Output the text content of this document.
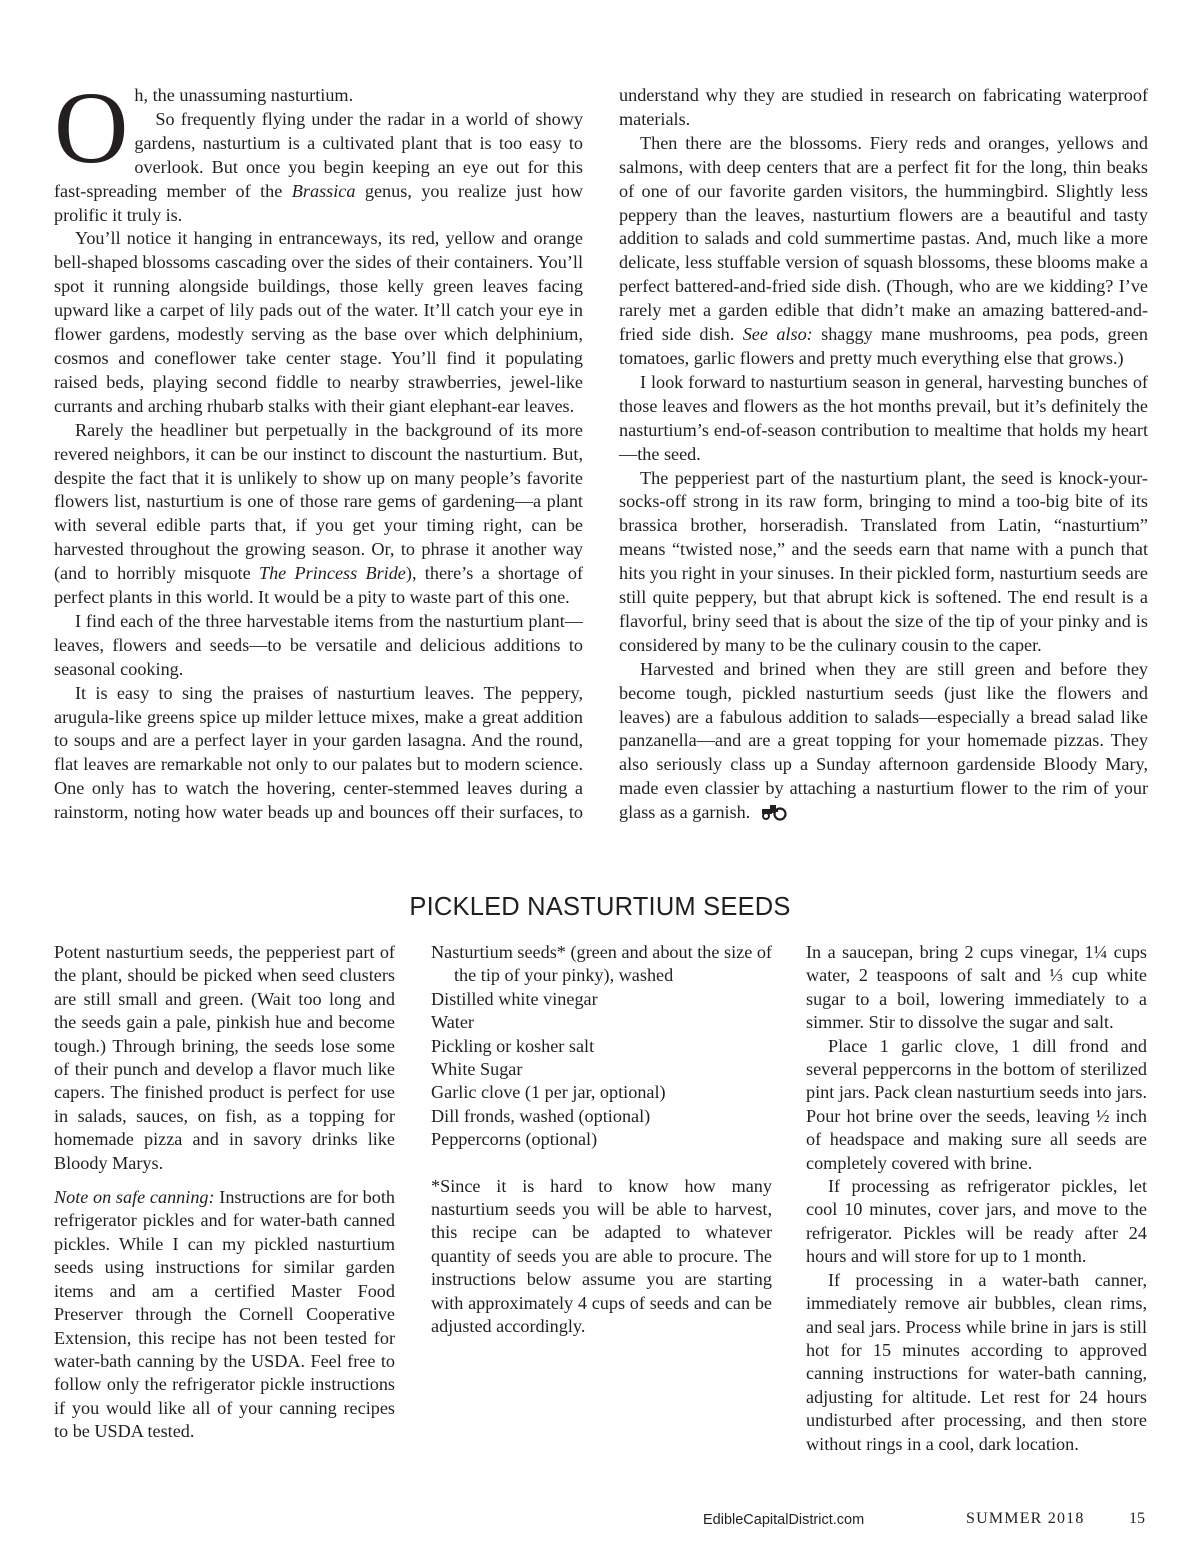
Oh, the unassuming nasturtium.

So frequently flying under the radar in a world of showy gardens, nasturtium is a cultivated plant that is too easy to overlook. But once you begin keeping an eye out for this fast-spreading member of the Brassica genus, you realize just how prolific it truly is.

You’ll notice it hanging in entranceways, its red, yellow and orange bell-shaped blossoms cascading over the sides of their containers. You’ll spot it running alongside buildings, those kelly green leaves facing upward like a carpet of lily pads out of the water. It’ll catch your eye in flower gardens, modestly serving as the base over which delphinium, cosmos and coneflower take center stage. You’ll find it populating raised beds, playing second fiddle to nearby strawberries, jewel-like currants and arching rhubarb stalks with their giant elephant-ear leaves.

Rarely the headliner but perpetually in the background of its more revered neighbors, it can be our instinct to discount the nasturtium. But, despite the fact that it is unlikely to show up on many people’s favorite flowers list, nasturtium is one of those rare gems of gardening—a plant with several edible parts that, if you get your timing right, can be harvested throughout the growing season. Or, to phrase it another way (and to horribly misquote The Princess Bride), there’s a shortage of perfect plants in this world. It would be a pity to waste part of this one.

I find each of the three harvestable items from the nasturtium plant—leaves, flowers and seeds—to be versatile and delicious additions to seasonal cooking.

It is easy to sing the praises of nasturtium leaves. The peppery, arugula-like greens spice up milder lettuce mixes, make a great addition to soups and are a perfect layer in your garden lasagna. And the round, flat leaves are remarkable not only to our palates but to modern science. One only has to watch the hovering, center-stemmed leaves during a rainstorm, noting how water beads up and bounces off their surfaces, to understand why they are studied in research on fabricating waterproof materials.

Then there are the blossoms. Fiery reds and oranges, yellows and salmons, with deep centers that are a perfect fit for the long, thin beaks of one of our favorite garden visitors, the hummingbird. Slightly less peppery than the leaves, nasturtium flowers are a beautiful and tasty addition to salads and cold summertime pastas. And, much like a more delicate, less stuffable version of squash blossoms, these blooms make a perfect battered-and-fried side dish. (Though, who are we kidding? I’ve rarely met a garden edible that didn’t make an amazing battered-and-fried side dish. See also: shaggy mane mushrooms, pea pods, green tomatoes, garlic flowers and pretty much everything else that grows.)

I look forward to nasturtium season in general, harvesting bunches of those leaves and flowers as the hot months prevail, but it’s definitely the nasturtium’s end-of-season contribution to mealtime that holds my heart—the seed.

The pepperiest part of the nasturtium plant, the seed is knock-your-socks-off strong in its raw form, bringing to mind a too-big bite of its brassica brother, horseradish. Translated from Latin, “nasturtium” means “twisted nose,” and the seeds earn that name with a punch that hits you right in your sinuses. In their pickled form, nasturtium seeds are still quite peppery, but that abrupt kick is softened. The end result is a flavorful, briny seed that is about the size of the tip of your pinky and is considered by many to be the culinary cousin to the caper.

Harvested and brined when they are still green and before they become tough, pickled nasturtium seeds (just like the flowers and leaves) are a fabulous addition to salads—especially a bread salad like panzanella—and are a great topping for your homemade pizzas. They also seriously class up a Sunday afternoon gardenside Bloody Mary, made even classier by attaching a nasturtium flower to the rim of your glass as a garnish.

PICKLED NASTURTIUM SEEDS

Potent nasturtium seeds, the pepperiest part of the plant, should be picked when seed clusters are still small and green. (Wait too long and the seeds gain a pale, pinkish hue and become tough.) Through brining, the seeds lose some of their punch and develop a flavor much like capers. The finished product is perfect for use in salads, sauces, on fish, as a topping for homemade pizza and in savory drinks like Bloody Marys.

Note on safe canning: Instructions are for both refrigerator pickles and for water-bath canned pickles. While I can my pickled nasturtium seeds using instructions for similar garden items and am a certified Master Food Preserver through the Cornell Cooperative Extension, this recipe has not been tested for water-bath canning by the USDA. Feel free to follow only the refrigerator pickle instructions if you would like all of your canning recipes to be USDA tested.

Nasturtium seeds* (green and about the size of the tip of your pinky), washed

Distilled white vinegar

Water

Pickling or kosher salt

White Sugar

Garlic clove (1 per jar, optional)

Dill fronds, washed (optional)

Peppercorns (optional)

*Since it is hard to know how many nasturtium seeds you will be able to harvest, this recipe can be adapted to whatever quantity of seeds you are able to procure. The instructions below assume you are starting with approximately 4 cups of seeds and can be adjusted accordingly.

In a saucepan, bring 2 cups vinegar, 1¼ cups water, 2 teaspoons of salt and ⅓ cup white sugar to a boil, lowering immediately to a simmer. Stir to dissolve the sugar and salt.

Place 1 garlic clove, 1 dill frond and several peppercorns in the bottom of sterilized pint jars. Pack clean nasturtium seeds into jars. Pour hot brine over the seeds, leaving ½ inch of headspace and making sure all seeds are completely covered with brine.

If processing as refrigerator pickles, let cool 10 minutes, cover jars, and move to the refrigerator. Pickles will be ready after 24 hours and will store for up to 1 month.

If processing in a water-bath canner, immediately remove air bubbles, clean rims, and seal jars. Process while brine in jars is still hot for 15 minutes according to approved canning instructions for water-bath canning, adjusting for altitude. Let rest for 24 hours undisturbed after processing, and then store without rings in a cool, dark location.

EdibleCapitalDistrict.com	SUMMER 2018	15
